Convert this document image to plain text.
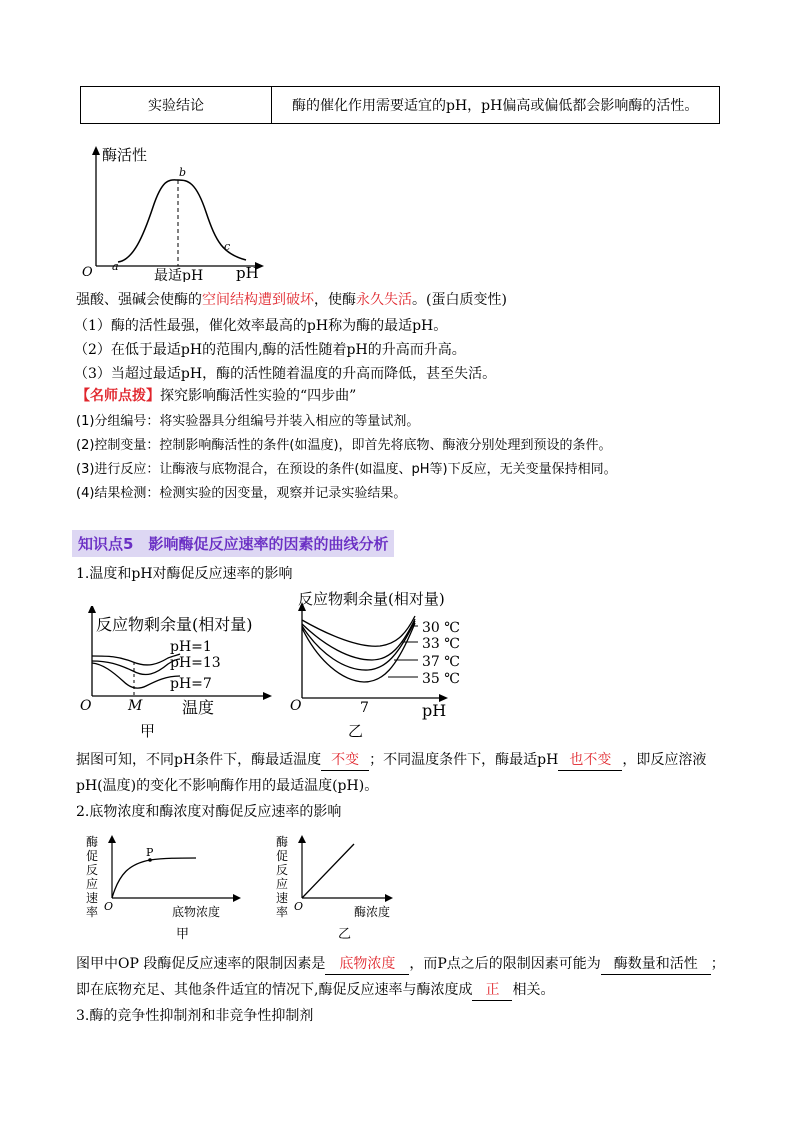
实验结论	酶的催化作用需要适宜的pH，pH偏高或偏低都会影响酶的活性。
酶活性
O	pH
b
a
c
最适pH
强酸、强碱会使酶的空间结构遭到破坏，使酶永久失活。(蛋白质变性)
（1）酶的活性最强，催化效率最高的pH称为酶的最适pH。
（2）在低于最适pH的范围内,酶的活性随着pH的升高而升高。
（3）当超过最适pH，酶的活性随着温度的升高而降低，甚至失活。
【名师点拨】探究影响酶活性实验的“四步曲”
(1)分组编号：将实验器具分组编号并装入相应的等量试剂。
(2)控制变量：控制影响酶活性的条件(如温度)，即首先将底物、酶液分别处理到预设的条件。
(3)进行反应：让酶液与底物混合，在预设的条件(如温度、pH等)下反应，无关变量保持相同。
(4)结果检测：检测实验的因变量，观察并记录实验结果。
知识点5　影响酶促反应速率的因素的曲线分析
1.温度和pH对酶促反应速率的影响
反应物剩余量(相对量)
pH=1
pH=13
pH=7
O	M 温度
甲
反应物剩余量(相对量)
30 ℃
33 ℃
37 ℃
35 ℃
O	7	pH
乙
据图可知，不同pH条件下，酶最适温度 不变 ；不同温度条件下，酶最适pH 也不变 ，即反应溶液
pH(温度)的变化不影响酶作用的最适温度(pH)。
2.底物浓度和酶浓度对酶促反应速率的影响
酶
促
反
应
速
率
P
O	底物浓度
甲
酶
促
反
应
速
率 O	酶浓度
乙
图甲中OP 段酶促反应速率的限制因素是 底物浓度 ，而P点之后的限制因素可能为 酶数量和活性 ；
即在底物充足、其他条件适宜的情况下,酶促反应速率与酶浓度成 正 相关。
3.酶的竞争性抑制剂和非竞争性抑制剂
